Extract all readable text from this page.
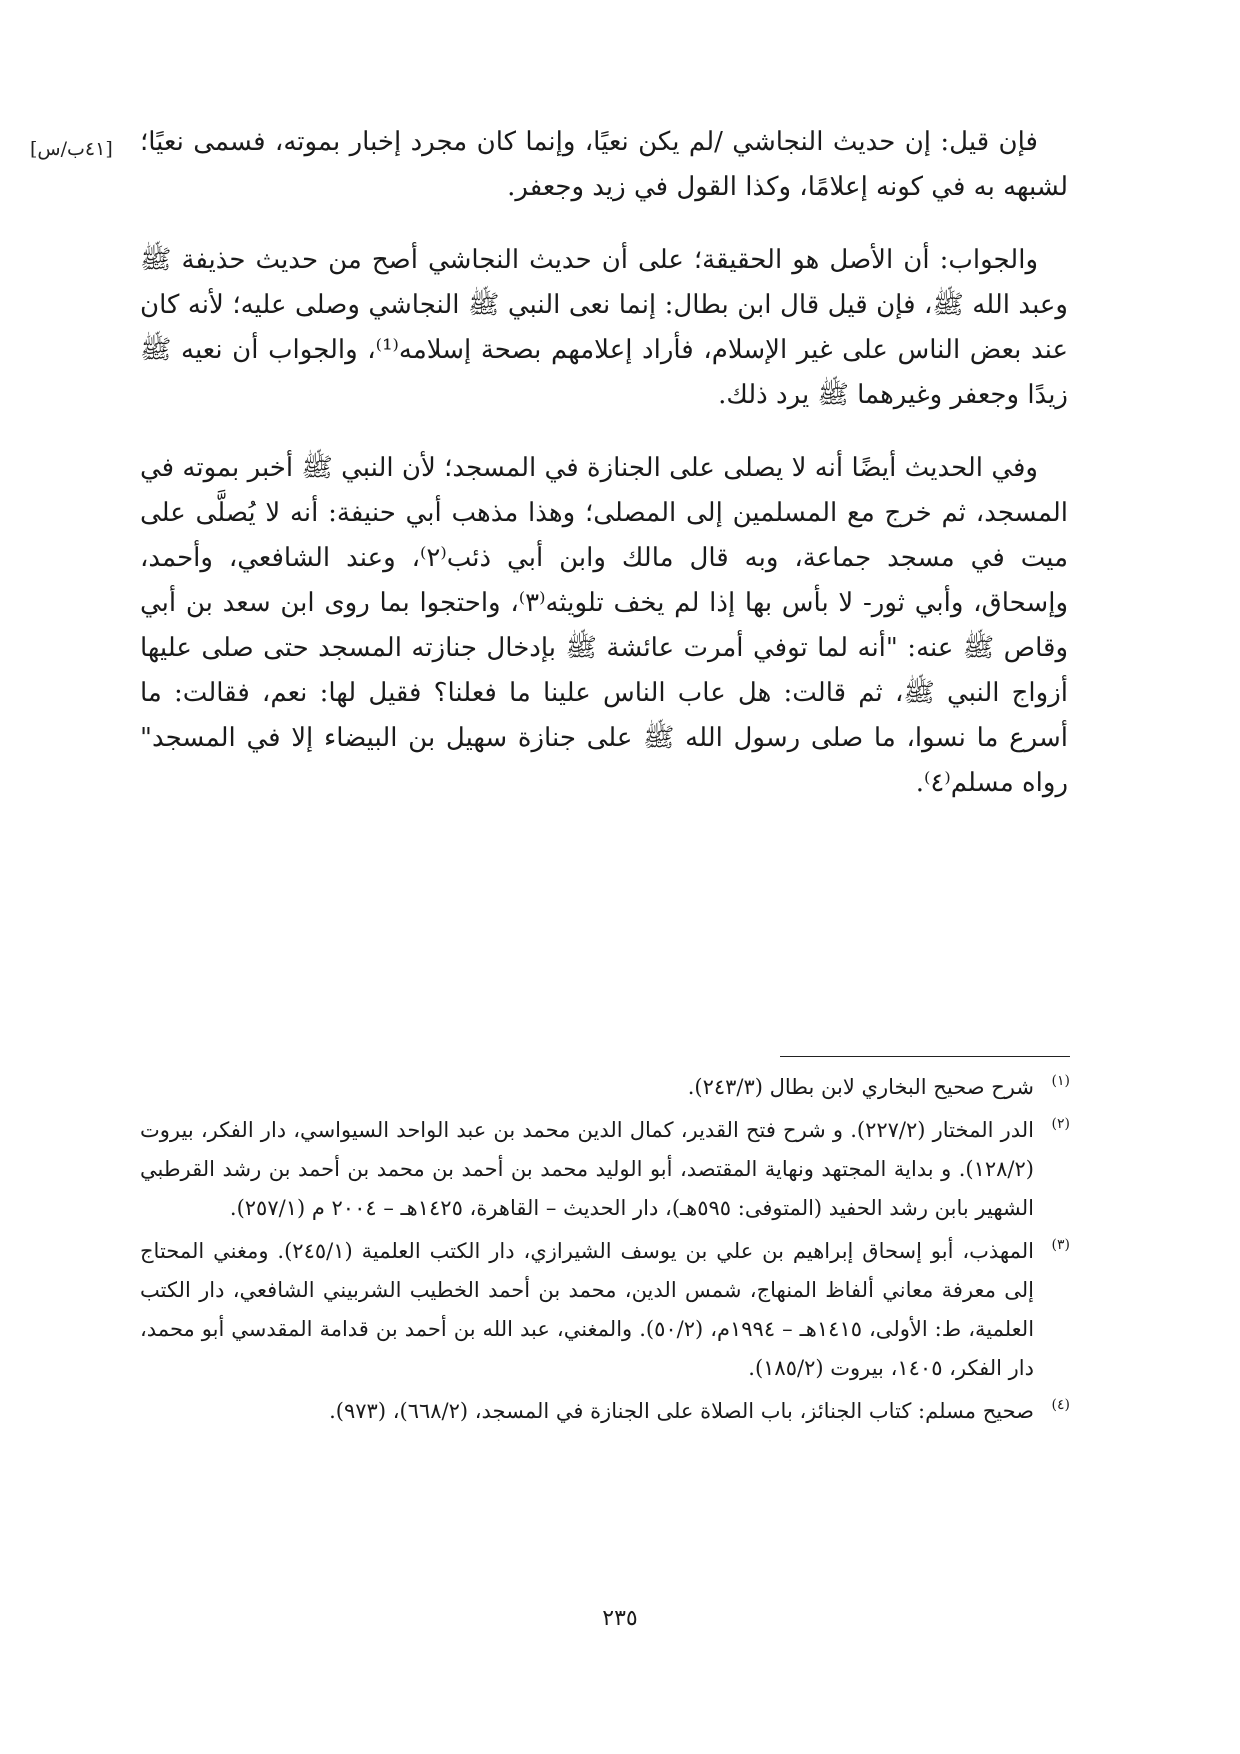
[٤١ب/س] فإن قيل: إن حديث النجاشي /لم يكن نعيًا، وإنما كان مجرد إخبار بموته، فسمى نعيًا؛ لشبهه به في كونه إعلامًا، وكذا القول في زيد وجعفر.

والجواب: أن الأصل هو الحقيقة؛ على أن حديث النجاشي أصح من حديث حذيفة ﷺ وعبد الله ﷺ، فإن قيل قال ابن بطال: إنما نعى النبي ﷺ النجاشي وصلى عليه؛ لأنه كان عند بعض الناس على غير الإسلام، فأراد إعلامهم بصحة إسلامه⁽¹⁾، والجواب أن نعيه ﷺ زيدًا وجعفر وغيرهما ﷺ يرد ذلك.

وفي الحديث أيضًا أنه لا يصلى على الجنازة في المسجد؛ لأن النبي ﷺ أخبر بموته في المسجد، ثم خرج مع المسلمين إلى المصلى؛ وهذا مذهب أبي حنيفة: أنه لا يُصلَّى على ميت في مسجد جماعة، وبه قال مالك وابن أبي ذئب⁽٢⁾، وعند الشافعي، وأحمد، وإسحاق، وأبي ثور- لا بأس بها إذا لم يخف تلويثه⁽٣⁾، واحتجوا بما روى ابن سعد بن أبي وقاص ﷺ عنه: "أنه لما توفي أمرت عائشة ﷺ بإدخال جنازته المسجد حتى صلى عليها أزواج النبي ﷺ، ثم قالت: هل عاب الناس علينا ما فعلنا؟ فقيل لها: نعم، فقالت: ما أسرع ما نسوا، ما صلى رسول الله ﷺ على جنازة سهيل بن البيضاء إلا في المسجد" رواه مسلم⁽٤⁾.

(١)
شرح صحيح البخاري لابن بطال (٢٤٣/٣).
(٢)
الدر المختار (٢٢٧/٢). و شرح فتح القدير، كمال الدين محمد بن عبد الواحد السيواسي، دار الفكر، بيروت (١٢٨/٢). و بداية المجتهد ونهاية المقتصد، أبو الوليد محمد بن أحمد بن محمد بن أحمد بن رشد القرطبي الشهير بابن رشد الحفيد (المتوفى: ٥٩٥هـ)، دار الحديث – القاهرة، ١٤٢٥هـ – ٢٠٠٤ م (٢٥٧/١).
(٣)
المهذب، أبو إسحاق إبراهيم بن علي بن يوسف الشيرازي، دار الكتب العلمية (٢٤٥/١). ومغني المحتاج إلى معرفة معاني ألفاظ المنهاج، شمس الدين، محمد بن أحمد الخطيب الشربيني الشافعي، دار الكتب العلمية، ط: الأولى، ١٤١٥هـ – ١٩٩٤م، (٥٠/٢). والمغني، عبد الله بن أحمد بن قدامة المقدسي أبو محمد، دار الفكر، ١٤٠٥، بيروت (١٨٥/٢).
(٤)
صحيح مسلم: كتاب الجنائز، باب الصلاة على الجنازة في المسجد، (٦٦٨/٢)، (٩٧٣).
٢٣٥
